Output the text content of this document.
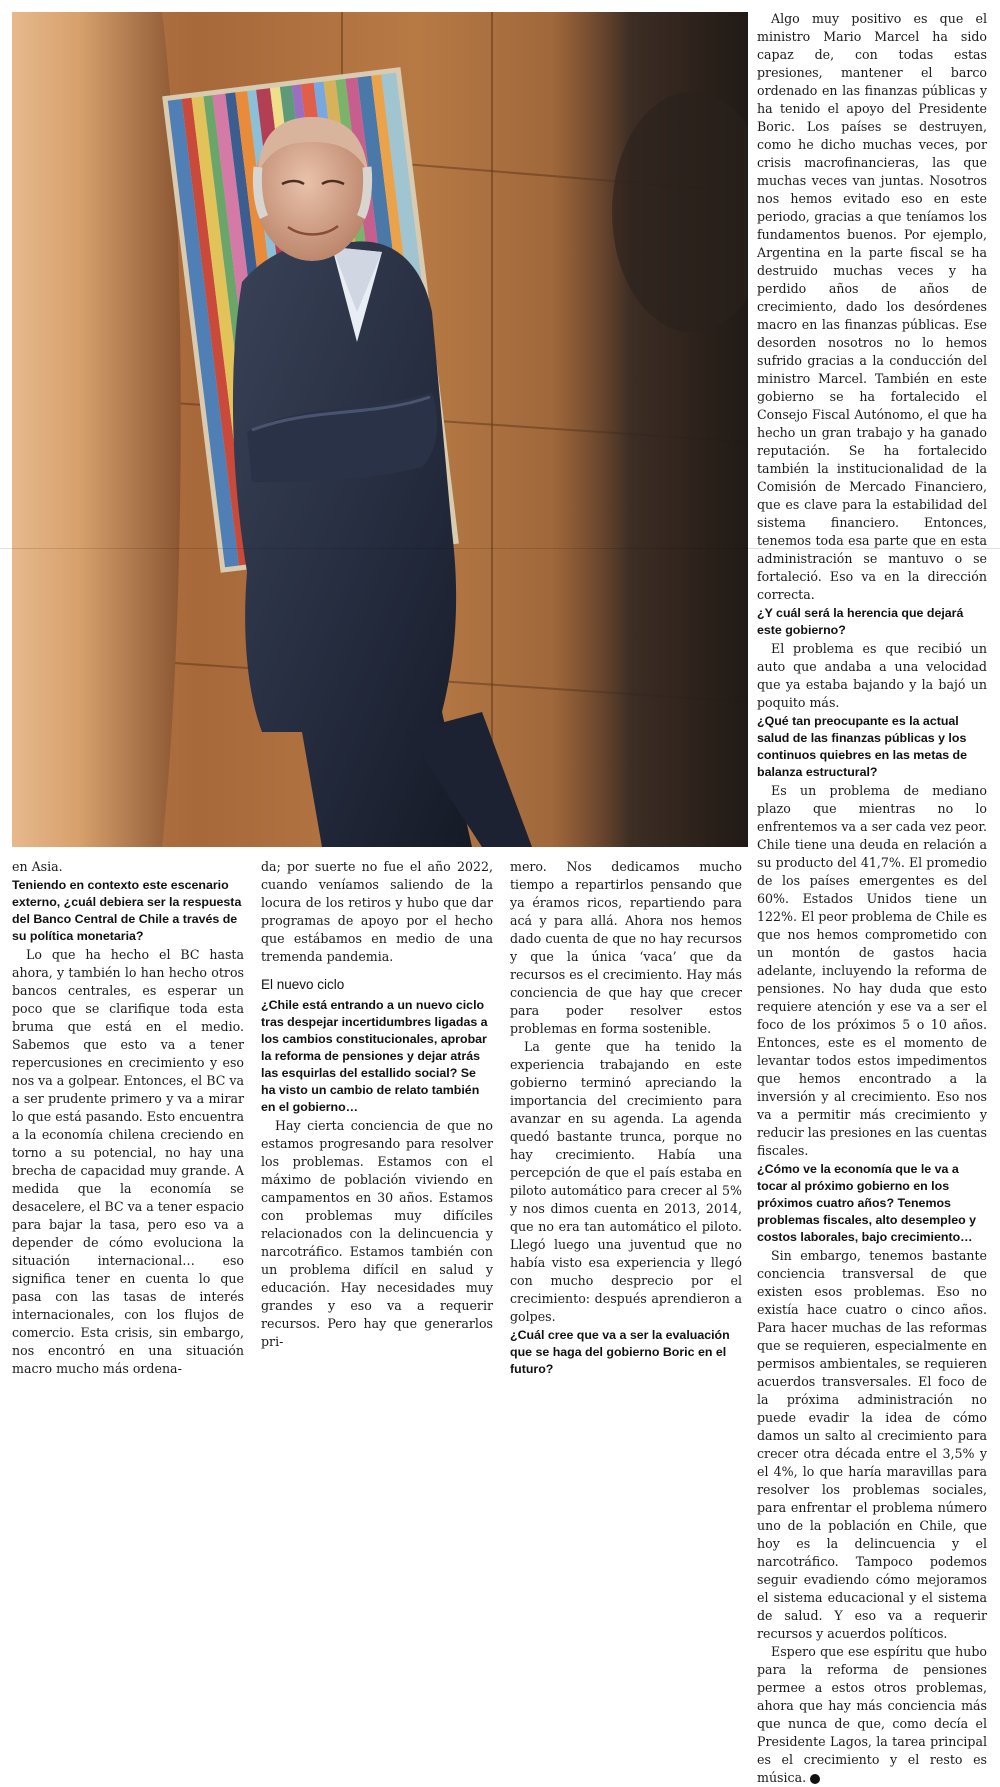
Algo muy positivo es que el ministro Mario Marcel ha sido capaz de, con todas estas presiones, mantener el barco ordenado en las finanzas públicas y ha tenido el apoyo del Presidente Boric. Los países se destruyen, como he dicho muchas veces, por crisis macrofinancieras, las que muchas veces van juntas. Nosotros nos hemos evitado eso en este periodo, gracias a que teníamos los fundamentos buenos. Por ejemplo, Argentina en la parte fiscal se ha destruido muchas veces y ha perdido años de años de crecimiento, dado los desórdenes macro en las finanzas públicas. Ese desorden nosotros no lo hemos sufrido gracias a la conducción del ministro Marcel. También en este gobierno se ha fortalecido el Consejo Fiscal Autónomo, el que ha hecho un gran trabajo y ha ganado reputación. Se ha fortalecido también la institucionalidad de la Comisión de Mercado Financiero, que es clave para la estabilidad del sistema financiero. Entonces, tenemos toda esa parte que en esta administración se mantuvo o se fortaleció. Eso va en la dirección correcta.

¿Y cuál será la herencia que dejará este gobierno?

El problema es que recibió un auto que andaba a una velocidad que ya estaba bajando y la bajó un poquito más.

¿Qué tan preocupante es la actual salud de las finanzas públicas y los continuos quiebres en las metas de balanza estructural?

Es un problema de mediano plazo que mientras no lo enfrentemos va a ser cada vez peor. Chile tiene una deuda en relación a su producto del 41,7%. El promedio de los países emergentes es del 60%. Estados Unidos tiene un 122%. El peor problema de Chile es que nos hemos comprometido con un montón de gastos hacia adelante, incluyendo la reforma de pensiones. No hay duda que esto requiere atención y ese va a ser el foco de los próximos 5 o 10 años. Entonces, este es el momento de levantar todos estos impedimentos que hemos encontrado a la inversión y al crecimiento. Eso nos va a permitir más crecimiento y reducir las presiones en las cuentas fiscales.

¿Cómo ve la economía que le va a tocar al próximo gobierno en los próximos cuatro años? Tenemos problemas fiscales, alto desempleo y costos laborales, bajo crecimiento…

Sin embargo, tenemos bastante conciencia transversal de que existen esos problemas. Eso no existía hace cuatro o cinco años. Para hacer muchas de las reformas que se requieren, especialmente en permisos ambientales, se requieren acuerdos transversales. El foco de la próxima administración no puede evadir la idea de cómo damos un salto al crecimiento para crecer otra década entre el 3,5% y el 4%, lo que haría maravillas para resolver los problemas sociales, para enfrentar el problema número uno de la población en Chile, que hoy es la delincuencia y el narcotráfico. Tampoco podemos seguir evadiendo cómo mejoramos el sistema educacional y el sistema de salud. Y eso va a requerir recursos y acuerdos políticos.

Espero que ese espíritu que hubo para la reforma de pensiones permee a estos otros problemas, ahora que hay más conciencia más que nunca de que, como decía el Presidente Lagos, la tarea principal es el crecimiento y el resto es música.	©

en Asia.

Teniendo en contexto este escenario externo, ¿cuál debiera ser la respuesta del Banco Central de Chile a través de su política monetaria?

Lo que ha hecho el BC hasta ahora, y también lo han hecho otros bancos centrales, es esperar un poco que se clarifique toda esta bruma que está en el medio. Sabemos que esto va a tener repercusiones en crecimiento y eso nos va a golpear. Entonces, el BC va a ser prudente primero y va a mirar lo que está pasando. Esto encuentra a la economía chilena creciendo en torno a su potencial, no hay una brecha de capacidad muy grande. A medida que la economía se desacelere, el BC va a tener espacio para bajar la tasa, pero eso va a depender de cómo evoluciona la situación internacional… eso significa tener en cuenta lo que pasa con las tasas de interés internacionales, con los flujos de comercio. Esta crisis, sin embargo, nos encontró en una situación macro mucho más ordena-

da; por suerte no fue el año 2022, cuando veníamos saliendo de la locura de los retiros y hubo que dar programas de apoyo por el hecho que estábamos en medio de una tremenda pandemia.

El nuevo ciclo
¿Chile está entrando a un nuevo ciclo tras despejar incertidumbres ligadas a los cambios constitucionales, aprobar la reforma de pensiones y dejar atrás las esquirlas del estallido social? Se ha visto un cambio de relato también en el gobierno…

Hay cierta conciencia de que no estamos progresando para resolver los problemas. Estamos con el máximo de población viviendo en campamentos en 30 años. Estamos con problemas muy difíciles relacionados con la delincuencia y narcotráfico. Estamos también con un problema difícil en salud y educación. Hay necesidades muy grandes y eso va a requerir recursos. Pero hay que generarlos pri-

mero. Nos dedicamos mucho tiempo a repartirlos pensando que ya éramos ricos, repartiendo para acá y para allá. Ahora nos hemos dado cuenta de que no hay recursos y que la única ‘vaca’ que da recursos es el crecimiento. Hay más conciencia de que hay que crecer para poder resolver estos problemas en forma sostenible.

La gente que ha tenido la experiencia trabajando en este gobierno terminó apreciando la importancia del crecimiento para avanzar en su agenda. La agenda quedó bastante trunca, porque no hay crecimiento. Había una percepción de que el país estaba en piloto automático para crecer al 5% y nos dimos cuenta en 2013, 2014, que no era tan automático el piloto. Llegó luego una juventud que no había visto esa experiencia y llegó con mucho desprecio por el crecimiento: después aprendieron a golpes.

¿Cuál cree que va a ser la evaluación que se haga del gobierno Boric en el futuro?
